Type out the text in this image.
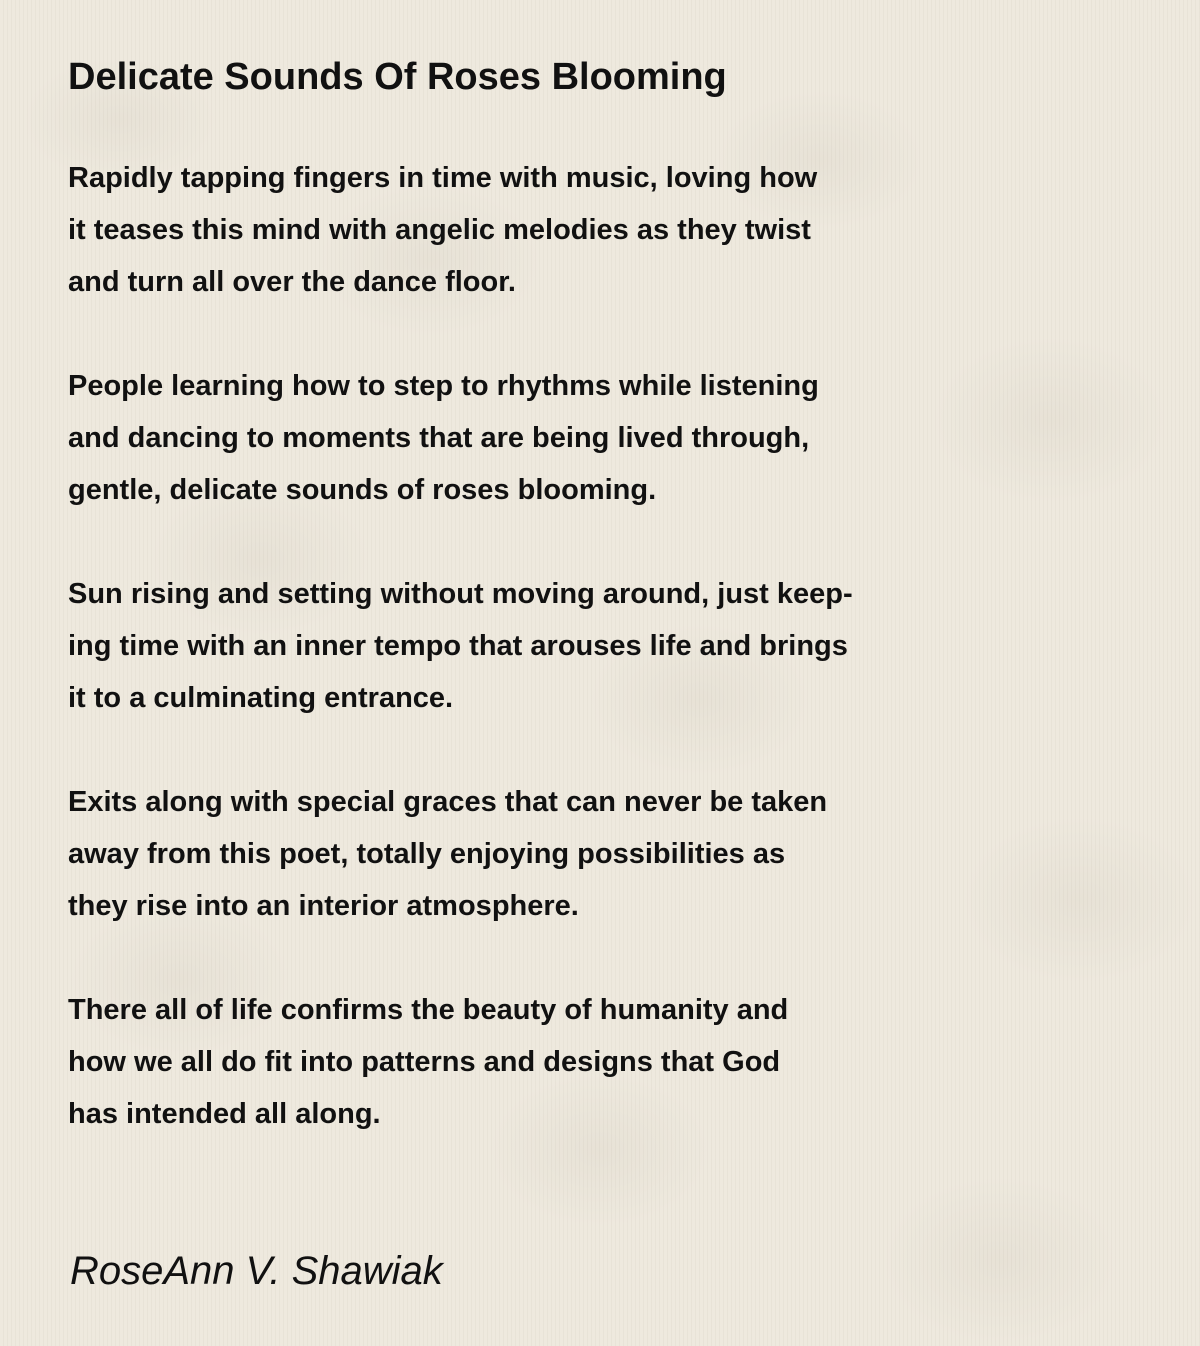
Delicate Sounds Of Roses Blooming
Rapidly tapping fingers in time with music, loving how
it teases this mind with angelic melodies as they twist
and turn all over the dance floor.
People learning how to step to rhythms while listening
and dancing to moments that are being lived through,
gentle, delicate sounds of roses blooming.
Sun rising and setting without moving around, just keep-
ing time with an inner tempo that arouses life and brings
it to a culminating entrance.
Exits along with special graces that can never be taken
away from this poet, totally enjoying possibilities as
they rise into an interior atmosphere.
There all of life confirms the beauty of humanity and
how we all do fit into patterns and designs that God
has intended all along.

RoseAnn V. Shawiak
